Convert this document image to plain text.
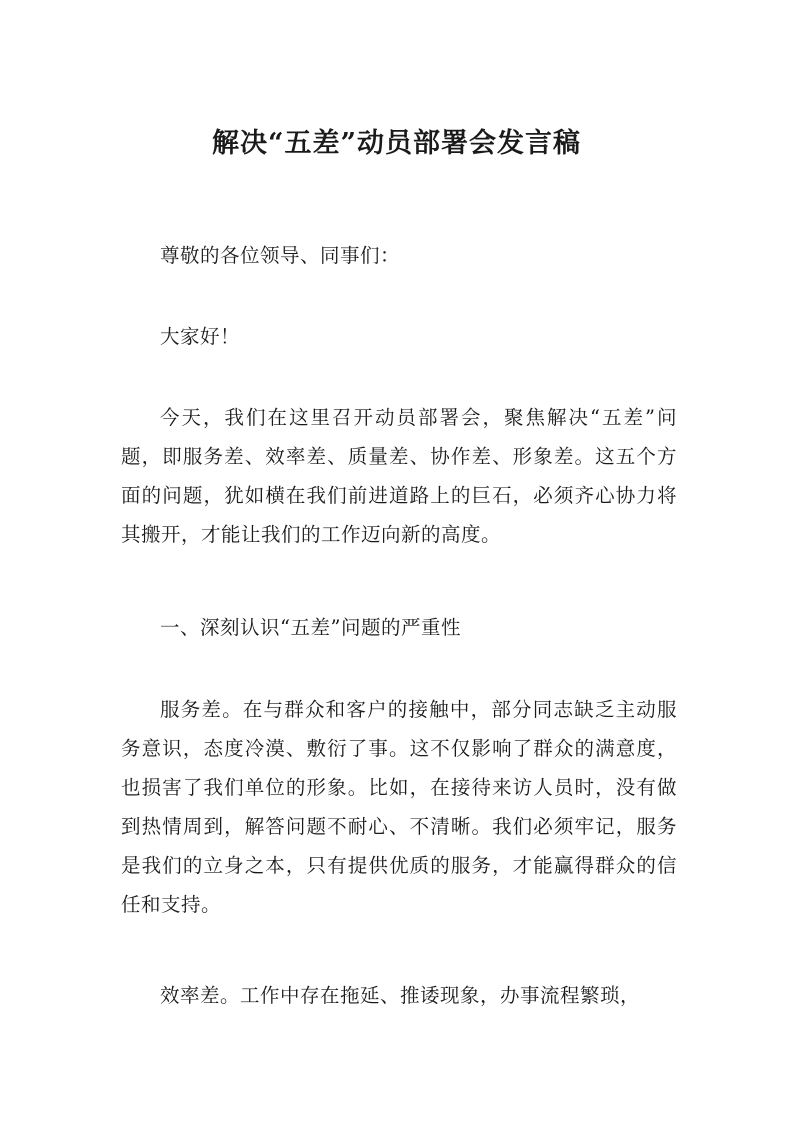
解决“五差”动员部署会发言稿

尊敬的各位领导、同事们：

大家好！

今天，我们在这里召开动员部署会，聚焦解决“五差”问题，即服务差、效率差、质量差、协作差、形象差。这五个方面的问题，犹如横在我们前进道路上的巨石，必须齐心协力将其搬开，才能让我们的工作迈向新的高度。

一、深刻认识“五差”问题的严重性

服务差。在与群众和客户的接触中，部分同志缺乏主动服务意识，态度冷漠、敷衍了事。这不仅影响了群众的满意度，也损害了我们单位的形象。比如，在接待来访人员时，没有做到热情周到，解答问题不耐心、不清晰。我们必须牢记，服务是我们的立身之本，只有提供优质的服务，才能赢得群众的信任和支持。

效率差。工作中存在拖延、推诿现象，办事流程繁琐，
